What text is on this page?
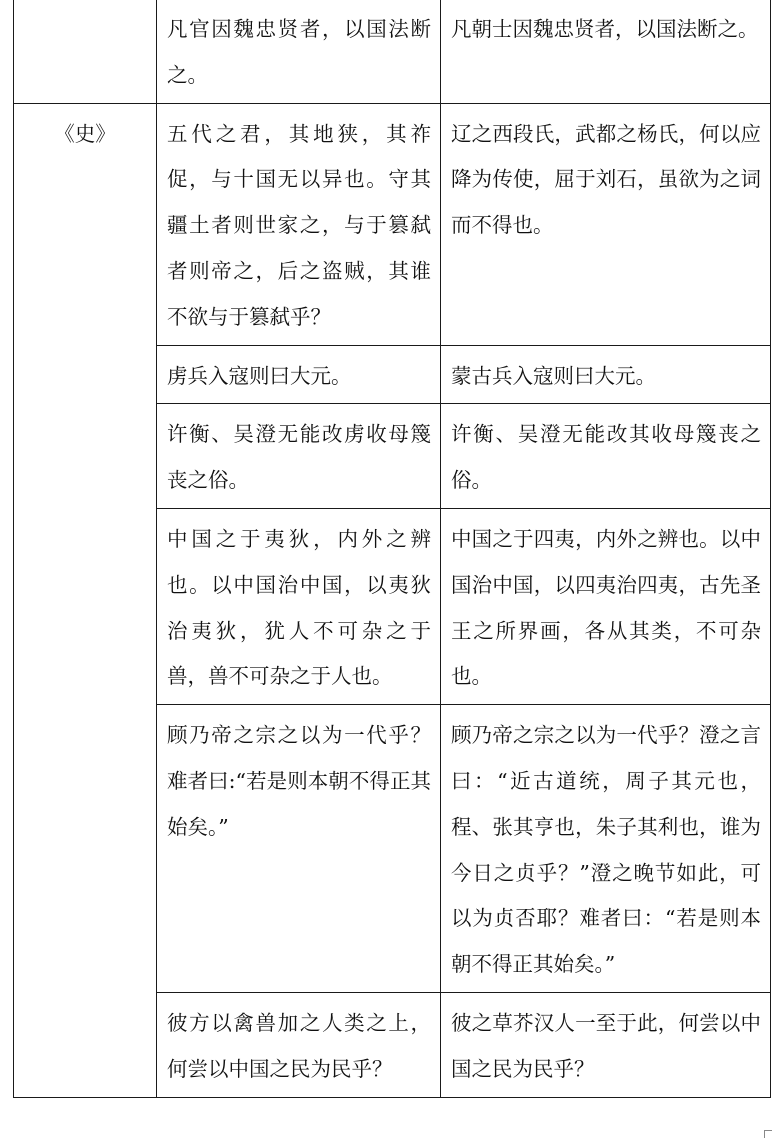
	凡官因魏忠贤者，以国法断之。	凡朝士因魏忠贤者，以国法断之。
《史》	五代之君，其地狭，其祚促，与十国无以异也。守其疆土者则世家之，与于篡弑者则帝之，后之盗贼，其谁不欲与于篡弑乎？	辽之西段氏，武都之杨氏，何以应降为传使，屈于刘石，虽欲为之词而不得也。
	虏兵入寇则曰大元。	蒙古兵入寇则曰大元。
	许衡、吴澄无能改虏收母篾丧之俗。	许衡、吴澄无能改其收母篾丧之俗。
	中国之于夷狄，内外之辨也。以中国治中国，以夷狄治夷狄，犹人不可杂之于兽，兽不可杂之于人也。	中国之于四夷，内外之辨也。以中国治中国，以四夷治四夷，古先圣王之所界画，各从其类，不可杂也。
	顾乃帝之宗之以为一代乎？难者曰:“若是则本朝不得正其始矣。”	顾乃帝之宗之以为一代乎？澄之言曰：“近古道统，周子其元也，程、张其亨也，朱子其利也，谁为今日之贞乎？”澄之晚节如此，可以为贞否耶？难者曰：“若是则本朝不得正其始矣。”
	彼方以禽兽加之人类之上，何尝以中国之民为民乎？	彼之草芥汉人一至于此，何尝以中国之民为民乎？
